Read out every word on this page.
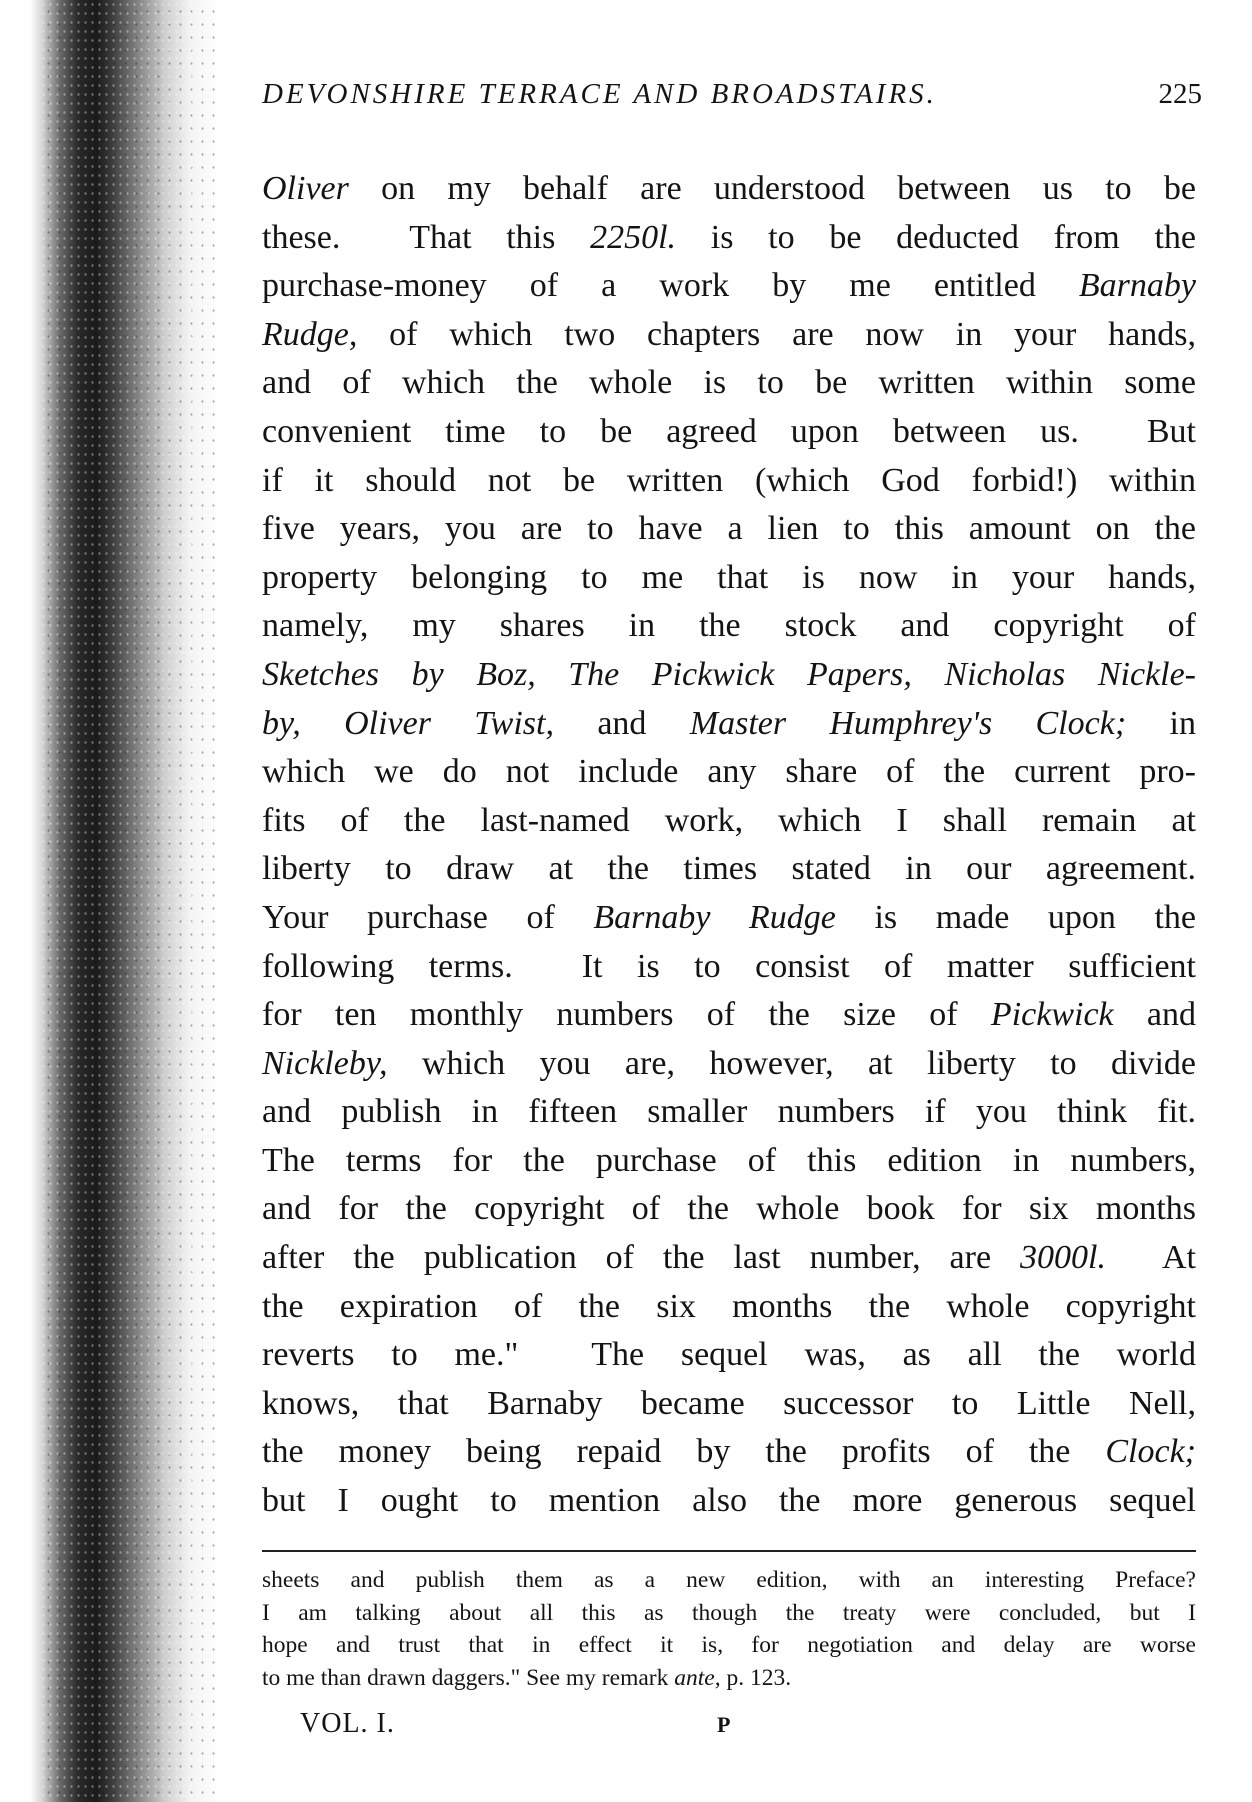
DEVONSHIRE TERRACE AND BROADSTAIRS.	225
Oliver on my behalf are understood between us to be
these.  That this 2250l. is to be deducted from the
purchase-money of a work by me entitled Barnaby
Rudge, of which two chapters are now in your hands,
and of which the whole is to be written within some
convenient time to be agreed upon between us.  But
if it should not be written (which God forbid!) within
five years, you are to have a lien to this amount on the
property belonging to me that is now in your hands,
namely, my shares in the stock and copyright of
Sketches by Boz, The Pickwick Papers, Nicholas Nickle-
by, Oliver Twist, and Master Humphrey's Clock; in
which we do not include any share of the current pro-
fits of the last-named work, which I shall remain at
liberty to draw at the times stated in our agreement.
Your purchase of Barnaby Rudge is made upon the
following terms.  It is to consist of matter sufficient
for ten monthly numbers of the size of Pickwick and
Nickleby, which you are, however, at liberty to divide
and publish in fifteen smaller numbers if you think fit.
The terms for the purchase of this edition in numbers,
and for the copyright of the whole book for six months
after the publication of the last number, are 3000l.  At
the expiration of the six months the whole copyright
reverts to me."  The sequel was, as all the world
knows, that Barnaby became successor to Little Nell,
the money being repaid by the profits of the Clock;
but I ought to mention also the more generous sequel
sheets and publish them as a new edition, with an interesting Preface?
I am talking about all this as though the treaty were concluded, but I
hope and trust that in effect it is, for negotiation and delay are worse
to me than drawn daggers." See my remark ante, p. 123.
VOL. I.	P
